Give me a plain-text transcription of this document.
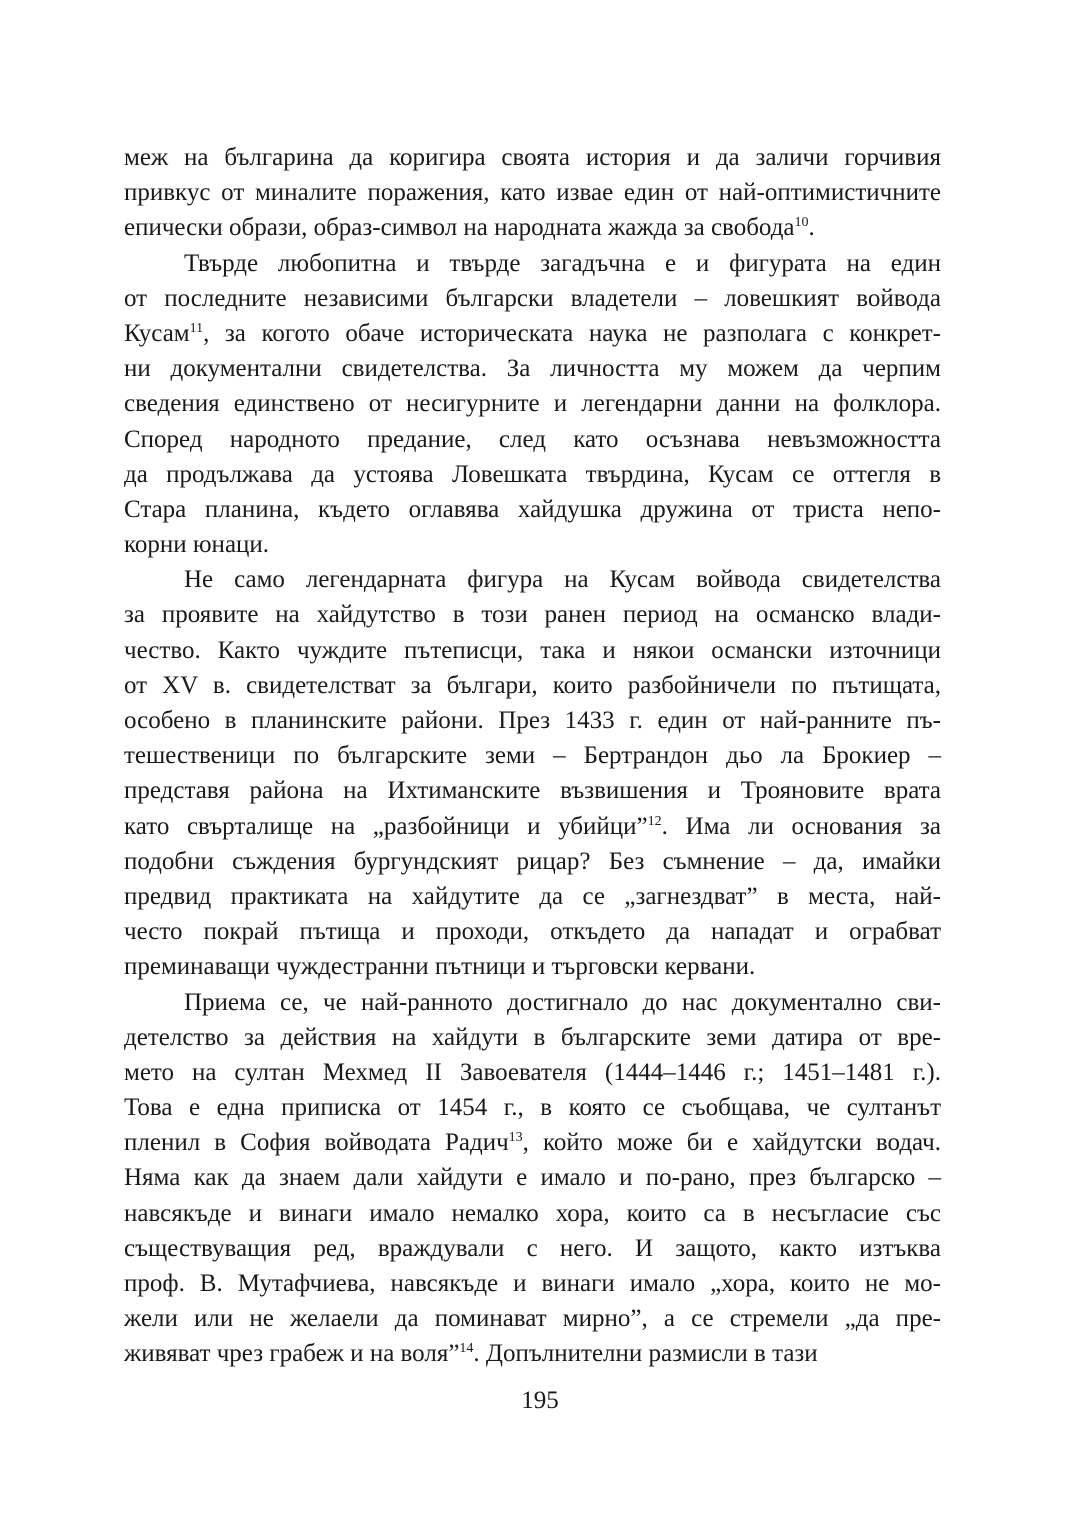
меж на българина да коригира своята история и да заличи горчивия
привкус от миналите поражения, като извае един от най-оптимистичните
епически образи, образ-символ на народната жажда за свобода$^{10}$.
Твърде любопитна и твърде загадъчна е и фигурата на един
от последните независими български владетели – ловешкият войвода
Кусам$^{11}$, за когото обаче историческата наука не разполага с конкрет-
ни документални свидетелства. За личността му можем да черпим
сведения единствено от несигурните и легендарни данни на фолклора.
Според народното предание, след като осъзнава невъзможността
да продължава да устоява Ловешката твърдина, Кусам се оттегля в
Стара планина, където оглавява хайдушка дружина от триста непо-
корни юнаци.
Не само легендарната фигура на Кусам войвода свидетелства
за проявите на хайдутство в този ранен период на османско влади-
чество. Както чуждите пътеписци, така и някои османски източници
от XV в. свидетелстват за българи, които разбойничели по пътищата,
особено в планинските райони. През 1433 г. един от най-ранните пъ-
тешественици по българските земи – Бертрандон дьо ла Брокиер –
представя района на Ихтиманските възвишения и Трояновите врата
като свърталище на „разбойници и убийци”$^{12}$. Има ли основания за
подобни съждения бургундският рицар? Без съмнение – да, имайки
предвид практиката на хайдутите да се „загнездват” в места, най-
често покрай пътища и проходи, откъдето да нападат и ограбват
преминаващи чуждестранни пътници и търговски кервани.
Приема се, че най-ранното достигнало до нас документално сви-
детелство за действия на хайдути в българските земи датира от вре-
мето на султан Мехмед II Завоевателя (1444–1446 г.; 1451–1481 г.).
Това е една приписка от 1454 г., в която се съобщава, че султанът
пленил в София войводата Радич$^{13}$, който може би е хайдутски водач.
Няма как да знаем дали хайдути е имало и по-рано, през българско –
навсякъде и винаги имало немалко хора, които са в несъгласие със
съществуващия ред, враждували с него. И защото, както изтъква
проф. В. Мутафчиева, навсякъде и винаги имало „хора, които не мо-
жели или не желаели да поминават мирно”, а се стремели „да пре-
живяват чрез грабеж и на воля”$^{14}$. Допълнителни размисли в тази
195
